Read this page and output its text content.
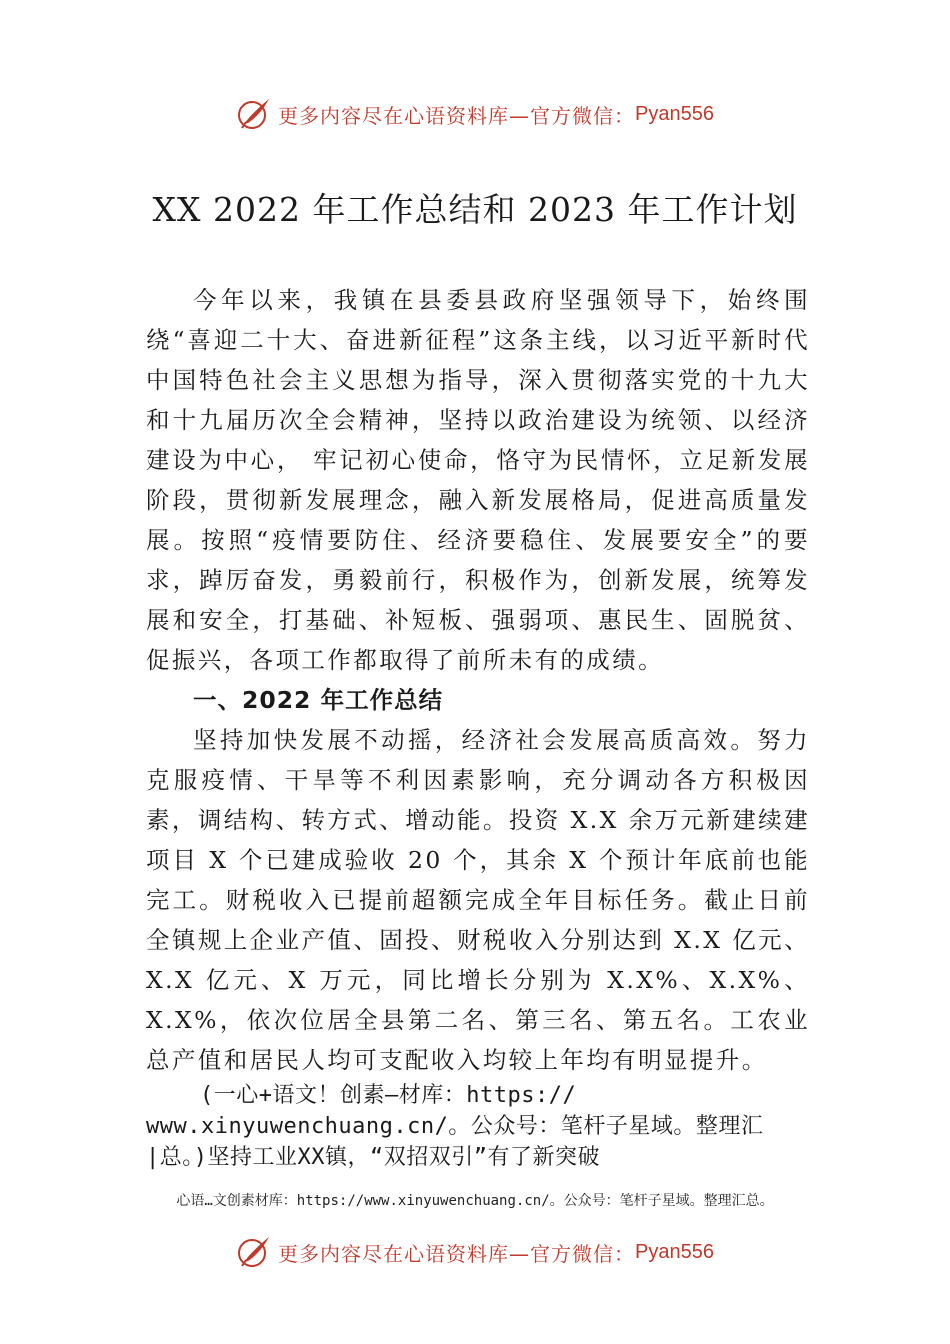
更多内容尽在心语资料库—官方微信： Pyan556
XX 2022 年工作总结和 2023 年工作计划

今年以来，我镇在县委县政府坚强领导下，始终围绕“喜迎二十大、奋进新征程”这条主线，以习近平新时代中国特色社会主义思想为指导，深入贯彻落实党的十九大和十九届历次全会精神，坚持以政治建设为统领、以经济建设为中心， 牢记初心使命，恪守为民情怀，立足新发展阶段，贯彻新发展理念，融入新发展格局，促进高质量发展。按照“疫情要防住、经济要稳住、发展要安全”的要求，踔厉奋发，勇毅前行，积极作为，创新发展，统筹发展和安全，打基础、补短板、强弱项、惠民生、固脱贫、促振兴，各项工作都取得了前所未有的成绩。

一、2022 年工作总结

坚持加快发展不动摇，经济社会发展高质高效。努力克服疫情、干旱等不利因素影响，充分调动各方积极因素，调结构、转方式、增动能。投资 X.X 余万元新建续建项目 X 个已建成验收 20 个，其余 X 个预计年底前也能完工。财税收入已提前超额完成全年目标任务。截止日前全镇规上企业产值、固投、财税收入分别达到 X.X 亿元、X.X 亿元、X 万元，同比增长分别为 X.X%、X.X%、X.X%，依次位居全县第二名、第三名、第五名。工农业总产值和居民人均可支配收入均较上年均有明显提升。

(一心+语文！创素—材库：https://
www.xinyuwenchuang.cn/。公众号：笔杆子星域。整理汇
|总。)坚持工业XX镇，“双招双引”有了新突破
心语…文创素材库：https://www.xinyuwenchuang.cn/。公众号：笔杆子星域。整理汇总。
更多内容尽在心语资料库—官方微信： Pyan556
